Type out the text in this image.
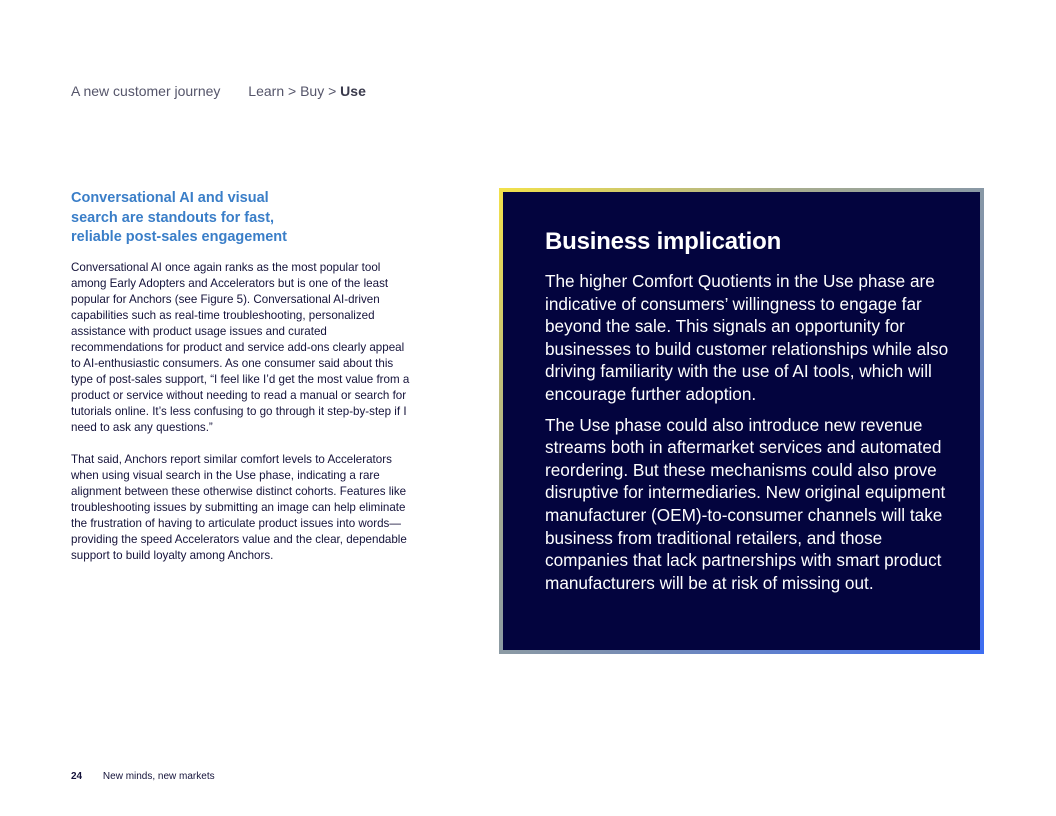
A new customer journey Learn > Buy > Use
Conversational AI and visual search are standouts for fast, reliable post-sales engagement

Conversational AI once again ranks as the most popular tool among Early Adopters and Accelerators but is one of the least popular for Anchors (see Figure 5). Conversational AI-driven capabilities such as real-time troubleshooting, personalized assistance with product usage issues and curated recommendations for product and service add-ons clearly appeal to AI-enthusiastic consumers. As one consumer said about this type of post-sales support, “I feel like I’d get the most value from a product or service without needing to read a manual or search for tutorials online. It’s less confusing to go through it step-by-step if I need to ask any questions.”

That said, Anchors report similar comfort levels to Accelerators when using visual search in the Use phase, indicating a rare alignment between these otherwise distinct cohorts. Features like troubleshooting issues by submitting an image can help eliminate the frustration of having to articulate product issues into words—providing the speed Accelerators value and the clear, dependable support to build loyalty among Anchors.

Business implication

The higher Comfort Quotients in the Use phase are indicative of consumers’ willingness to engage far beyond the sale. This signals an opportunity for businesses to build customer relationships while also driving familiarity with the use of AI tools, which will encourage further adoption.

The Use phase could also introduce new revenue streams both in aftermarket services and automated reordering. But these mechanisms could also prove disruptive for intermediaries. New original equipment manufacturer (OEM)-to-consumer channels will take business from traditional retailers, and those companies that lack partnerships with smart product manufacturers will be at risk of missing out.

24 New minds, new markets
